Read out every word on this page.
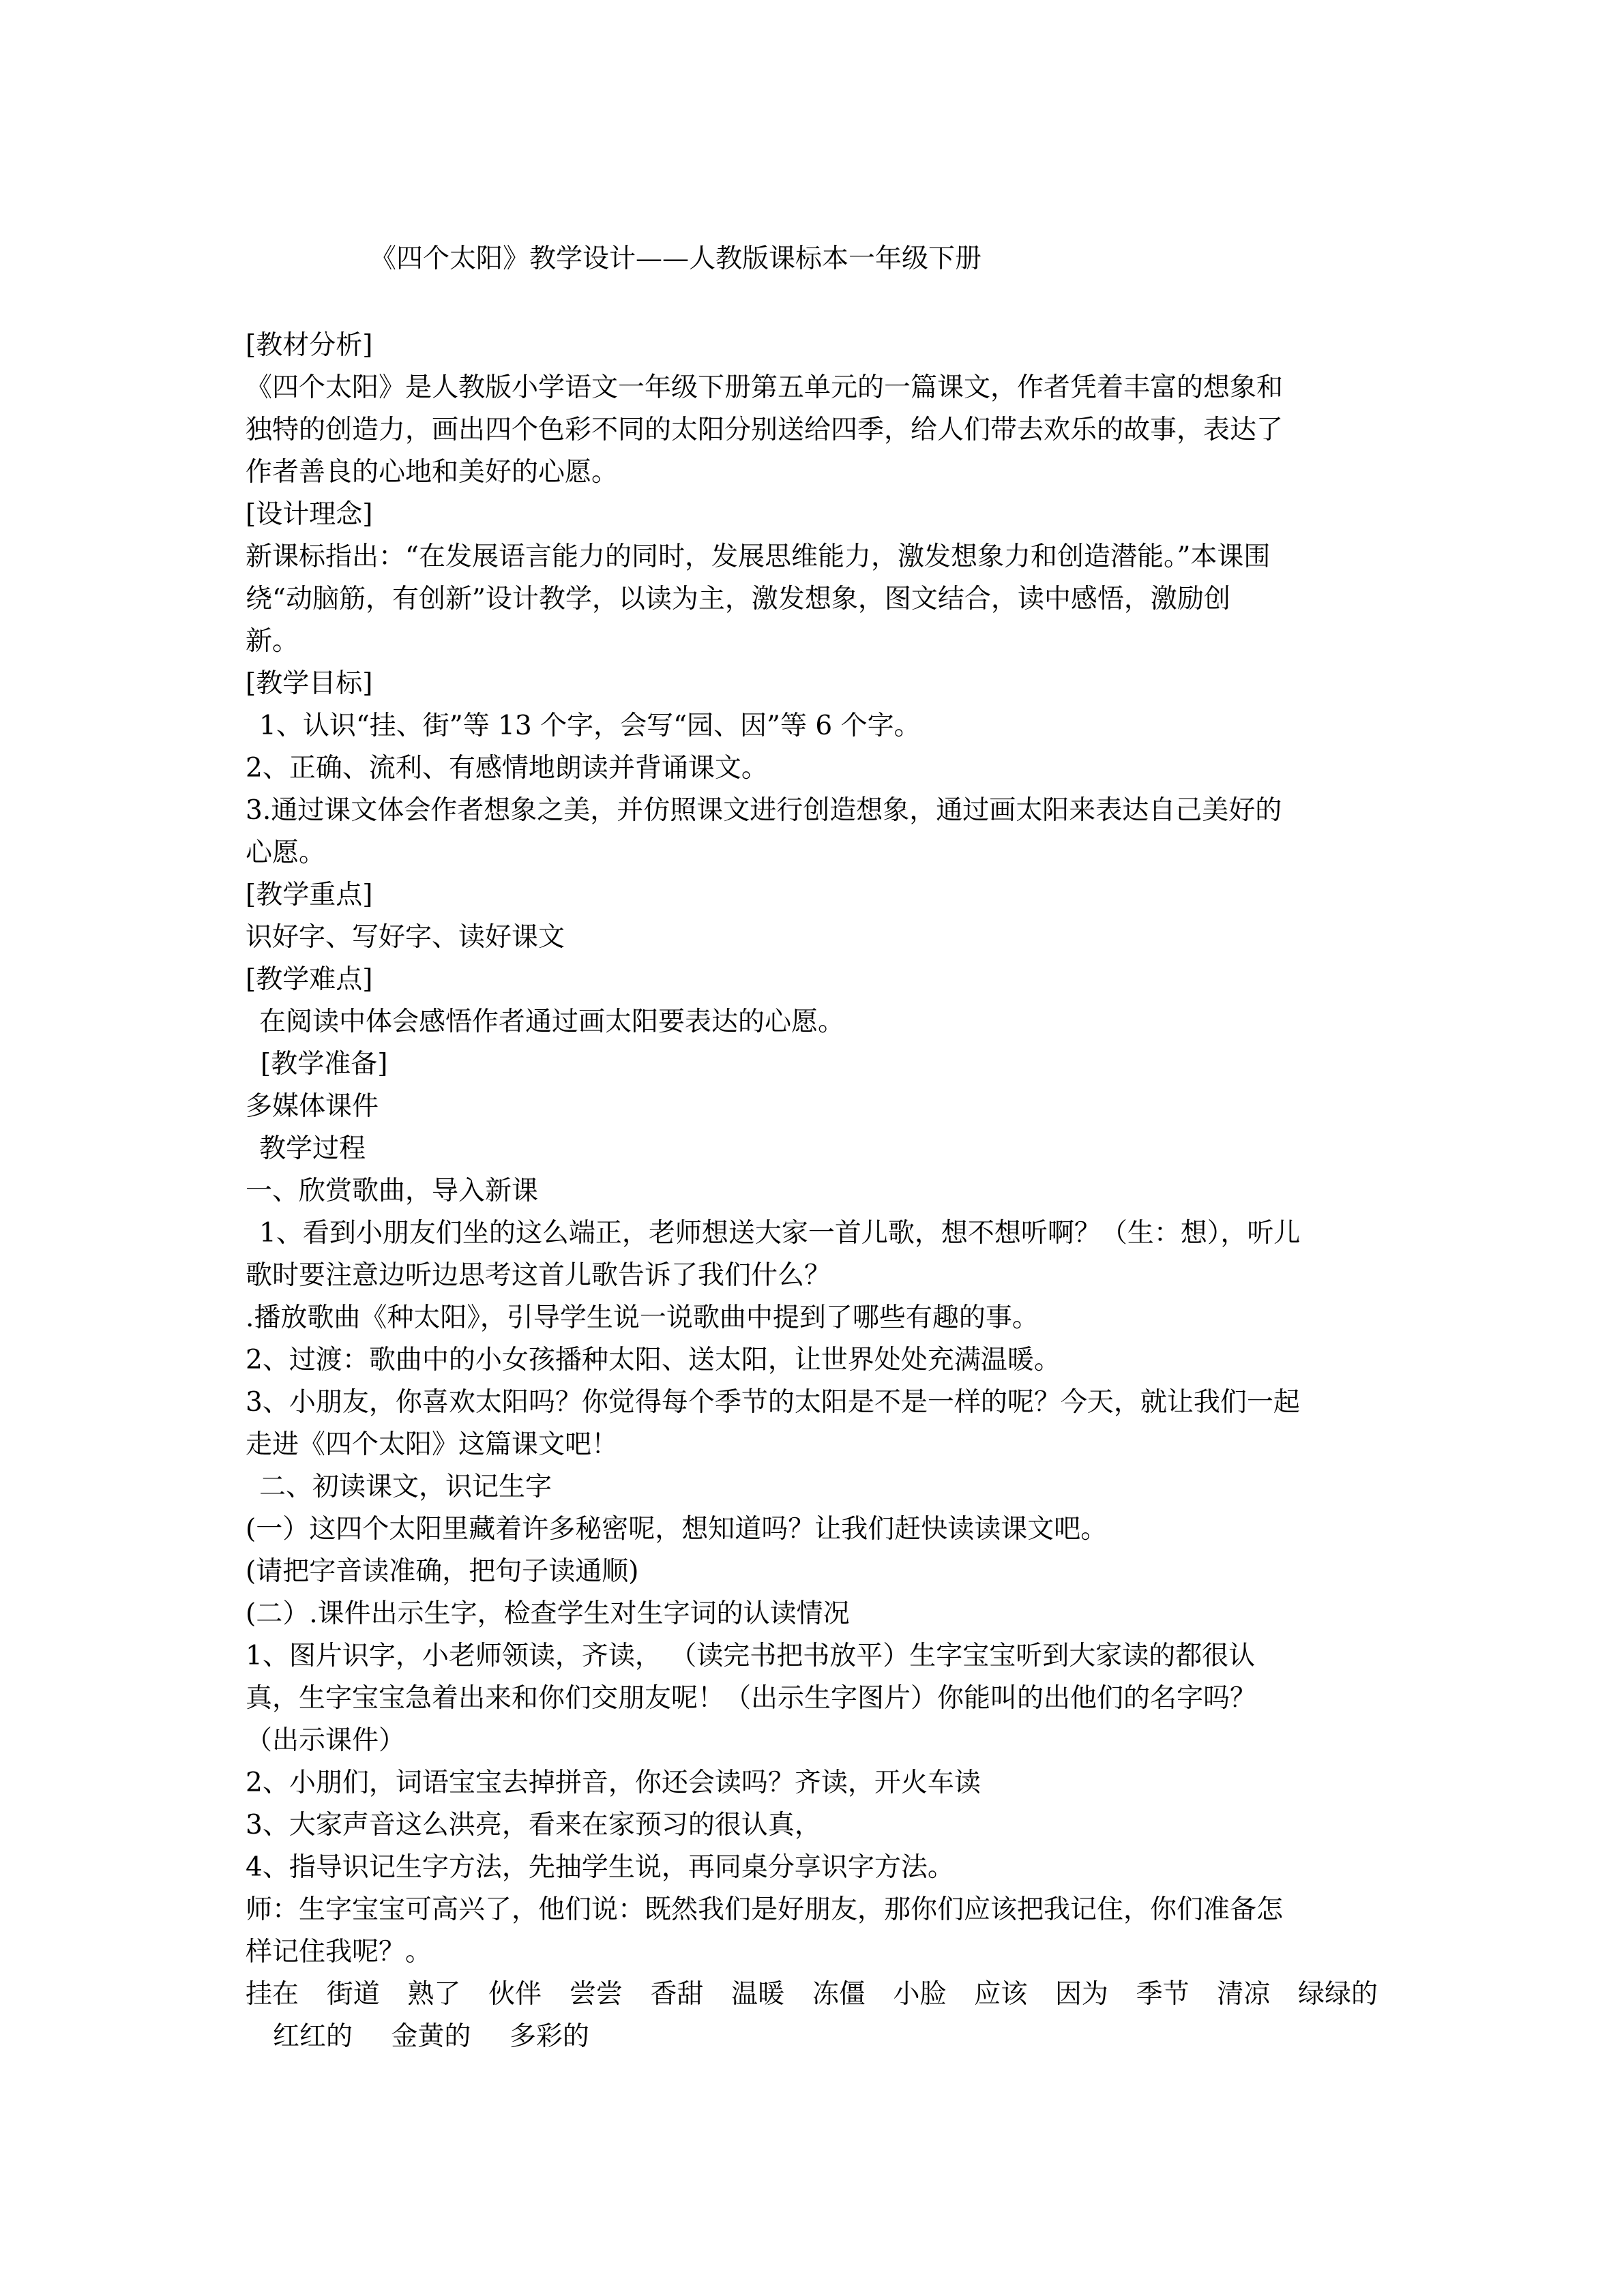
《四个太阳》教学设计——人教版课标本一年级下册
[教材分析]
《四个太阳》是人教版小学语文一年级下册第五单元的一篇课文，作者凭着丰富的想象和
独特的创造力，画出四个色彩不同的太阳分别送给四季，给人们带去欢乐的故事，表达了
作者善良的心地和美好的心愿。
[设计理念]
新课标指出：“在发展语言能力的同时，发展思维能力，激发想象力和创造潜能。”本课围
绕“动脑筋，有创新”设计教学，以读为主，激发想象，图文结合，读中感悟，激励创
新。
[教学目标]
1、认识“挂、街”等 13 个字，会写“园、因”等 6 个字。
2、正确、流利、有感情地朗读并背诵课文。
3.通过课文体会作者想象之美，并仿照课文进行创造想象，通过画太阳来表达自己美好的
心愿。
[教学重点]
识好字、写好字、读好课文
[教学难点]
在阅读中体会感悟作者通过画太阳要表达的心愿。
[教学准备]
多媒体课件
教学过程
一、欣赏歌曲，导入新课
1、看到小朋友们坐的这么端正，老师想送大家一首儿歌，想不想听啊？（生：想），听儿
歌时要注意边听边思考这首儿歌告诉了我们什么？
.播放歌曲《种太阳》，引导学生说一说歌曲中提到了哪些有趣的事。
2、过渡：歌曲中的小女孩播种太阳、送太阳，让世界处处充满温暖。
3、小朋友，你喜欢太阳吗？你觉得每个季节的太阳是不是一样的呢？今天，就让我们一起
走进《四个太阳》这篇课文吧！
二、初读课文，识记生字
(一）这四个太阳里藏着许多秘密呢，想知道吗？让我们赶快读读课文吧。
(请把字音读准确，把句子读通顺)
(二）.课件出示生字，检查学生对生字词的认读情况
1、图片识字，小老师领读，齐读， （读完书把书放平）生字宝宝听到大家读的都很认
真，生字宝宝急着出来和你们交朋友呢！（出示生字图片）你能叫的出他们的名字吗？
（出示课件）
2、小朋们，词语宝宝去掉拼音，你还会读吗？齐读，开火车读
3、大家声音这么洪亮，看来在家预习的很认真，
4、指导识记生字方法，先抽学生说，再同桌分享识字方法。
师：生字宝宝可高兴了，他们说：既然我们是好朋友，那你们应该把我记住，你们准备怎
样记住我呢？。
挂在 街道 熟了 伙伴 尝尝 香甜 温暖 冻僵 小脸 应该 因为 季节 清凉 绿绿的
红红的 金黄的 多彩的
